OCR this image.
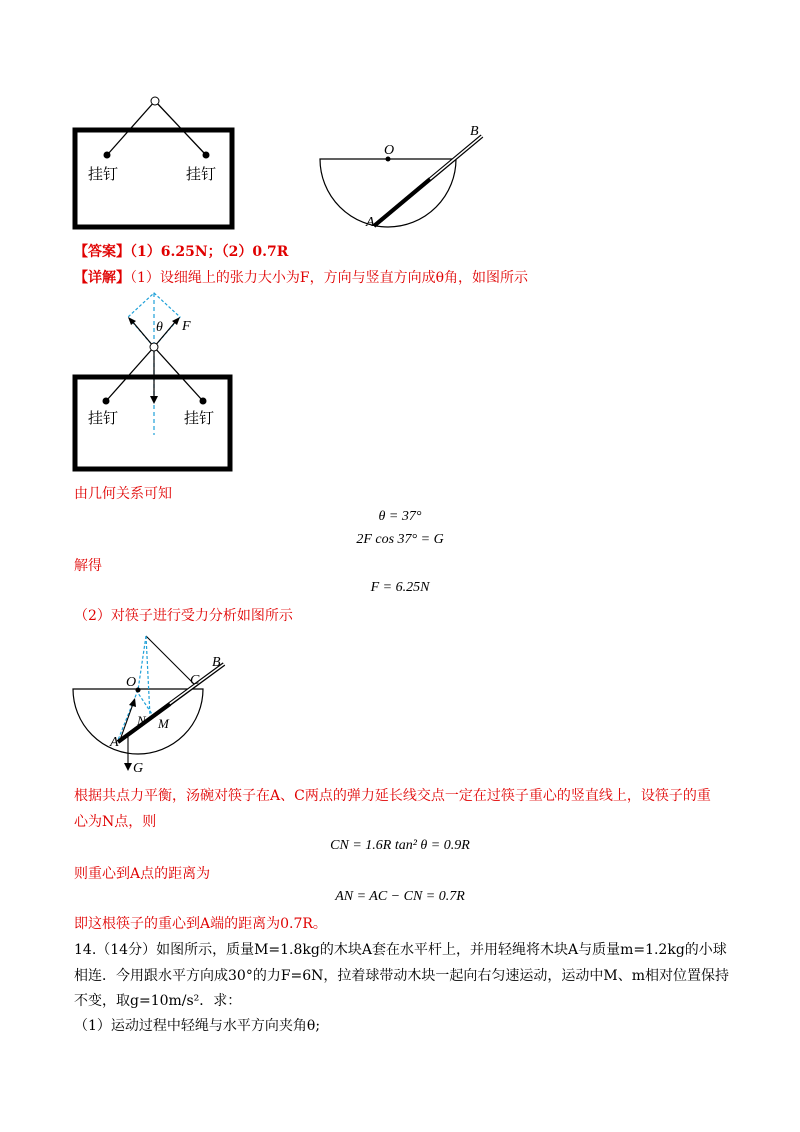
挂钉	挂钉
O
A
B
【答案】（1）6.25N；（2）0.7R
【详解】（1）设细绳上的张力大小为F，方向与竖直方向成θ角，如图所示
θ F
挂钉	挂钉
由几何关系可知
θ = 37°
2F cos 37° = G
解得
F = 6.25N
（2）对筷子进行受力分析如图所示
O	C
B
N M
A
G
根据共点力平衡，汤碗对筷子在A、C两点的弹力延长线交点一定在过筷子重心的竖直线上，设筷子的重
心为N点，则
CN = 1.6R tan² θ = 0.9R
则重心到A点的距离为
AN = AC − CN = 0.7R
即这根筷子的重心到A端的距离为0.7R。
14.（14分）如图所示，质量M=1.8kg的木块A套在水平杆上，并用轻绳将木块A与质量m=1.2kg的小球
相连．今用跟水平方向成30°的力F=6N，拉着球带动木块一起向右匀速运动，运动中M、m相对位置保持
不变，取g=10m/s²．求：
（1）运动过程中轻绳与水平方向夹角θ;
